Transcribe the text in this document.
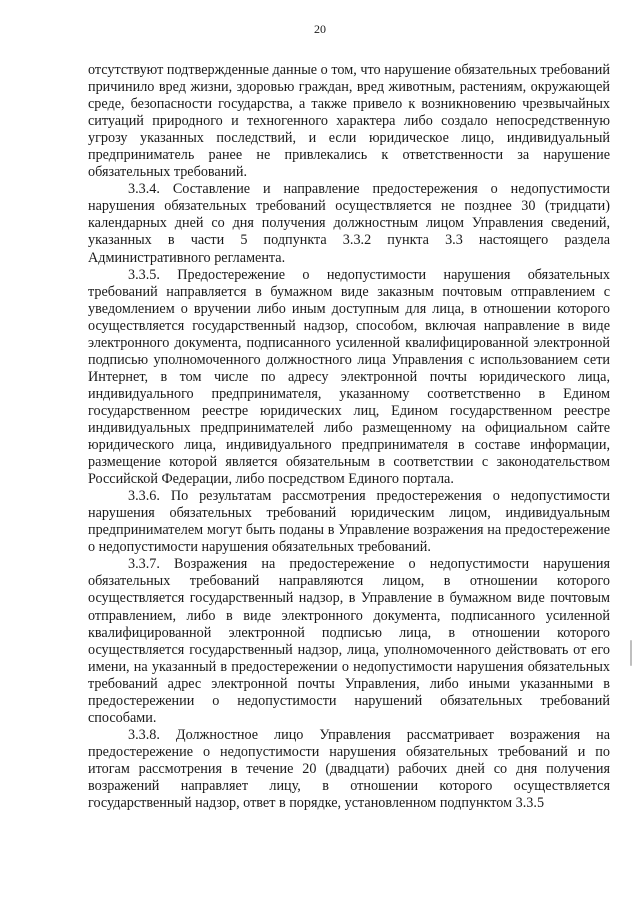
20

отсутствуют подтвержденные данные о том, что нарушение обязательных требований причинило вред жизни, здоровью граждан, вред животным, растениям, окружающей среде, безопасности государства, а также привело к возникновению чрезвычайных ситуаций природного и техногенного характера либо создало непосредственную угрозу указанных последствий, и если юридическое лицо, индивидуальный предприниматель ранее не привлекались к ответственности за нарушение обязательных требований.

3.3.4. Составление и направление предостережения о недопустимости нарушения обязательных требований осуществляется не позднее 30 (тридцати) календарных дней со дня получения должностным лицом Управления сведений, указанных в части 5 подпункта 3.3.2 пункта 3.3 настоящего раздела Административного регламента.

3.3.5. Предостережение о недопустимости нарушения обязательных требований направляется в бумажном виде заказным почтовым отправлением с уведомлением о вручении либо иным доступным для лица, в отношении которого осуществляется государственный надзор, способом, включая направление в виде электронного документа, подписанного усиленной квалифицированной электронной подписью уполномоченного должностного лица Управления с использованием сети Интернет, в том числе по адресу электронной почты юридического лица, индивидуального предпринимателя, указанному соответственно в Едином государственном реестре юридических лиц, Едином государственном реестре индивидуальных предпринимателей либо размещенному на официальном сайте юридического лица, индивидуального предпринимателя в составе информации, размещение которой является обязательным в соответствии с законодательством Российской Федерации, либо посредством Единого портала.

3.3.6. По результатам рассмотрения предостережения о недопустимости нарушения обязательных требований юридическим лицом, индивидуальным предпринимателем могут быть поданы в Управление возражения на предостережение о недопустимости нарушения обязательных требований.

3.3.7. Возражения на предостережение о недопустимости нарушения обязательных требований направляются лицом, в отношении которого осуществляется государственный надзор, в Управление в бумажном виде почтовым отправлением, либо в виде электронного документа, подписанного усиленной квалифицированной электронной подписью лица, в отношении которого осуществляется государственный надзор, лица, уполномоченного действовать от его имени, на указанный в предостережении о недопустимости нарушения обязательных требований адрес электронной почты Управления, либо иными указанными в предостережении о недопустимости нарушений обязательных требований способами.

3.3.8. Должностное лицо Управления рассматривает возражения на предостережение о недопустимости нарушения обязательных требований и по итогам рассмотрения в течение 20 (двадцати) рабочих дней со дня получения возражений направляет лицу, в отношении которого осуществляется государственный надзор, ответ в порядке, установленном подпунктом 3.3.5
